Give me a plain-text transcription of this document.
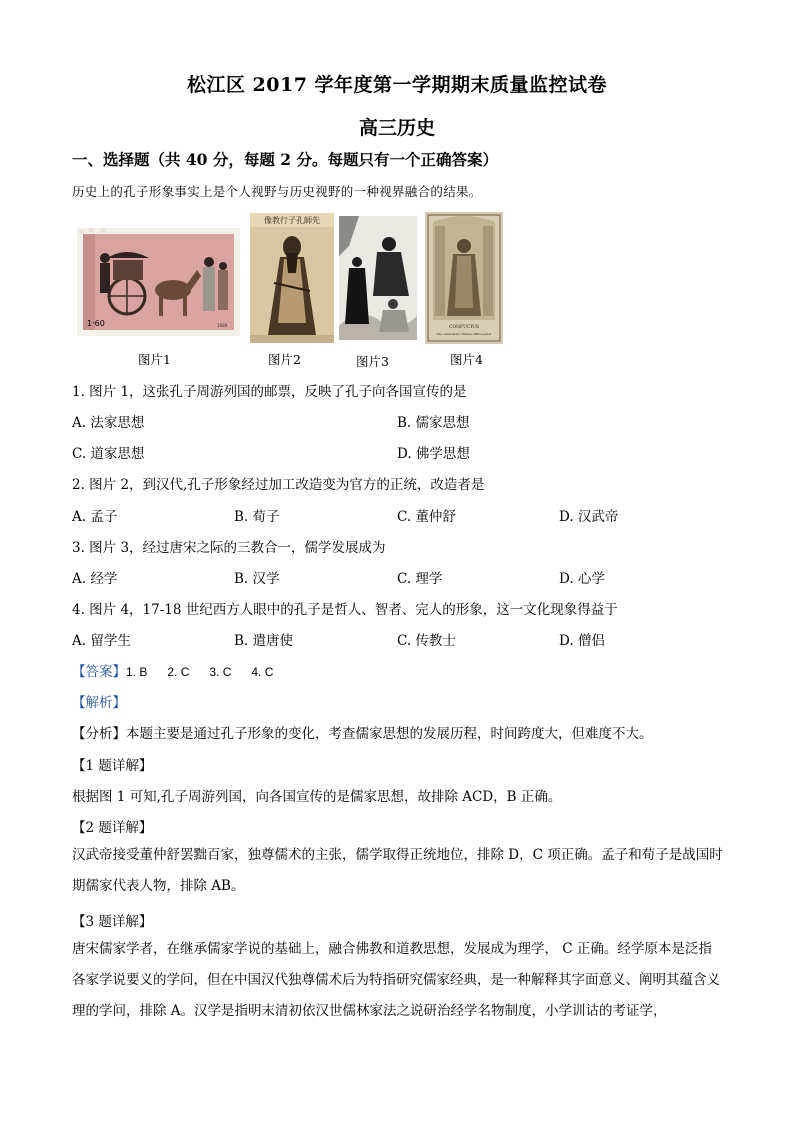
松江区 2017 学年度第一学期期末质量监控试卷
高三历史
一、选择题（共 40 分，每题 2 分。每题只有一个正确答案）
历史上的孔子形象事实上是个人视野与历史视野的一种视界融合的结果。
1·60	1989
图片1
像教行子孔師先
图片2	图片3
CONFUCIUS
The celebrated Chinese Philosopher
图片4
1. 图片 1，这张孔子周游列国的邮票，反映了孔子向各国宣传的是
A. 法家思想	B. 儒家思想
C. 道家思想	D. 佛学思想
2. 图片 2，到汉代,孔子形象经过加工改造变为官方的正统，改造者是
A. 孟子	B. 荀子	C. 董仲舒	D. 汉武帝
3. 图片 3，经过唐宋之际的三教合一，儒学发展成为
A. 经学	B. 汉学	C. 理学	D. 心学
4. 图片 4，17-18 世纪西方人眼中的孔子是哲人、智者、完人的形象，这一文化现象得益于
A. 留学生	B. 遣唐使	C. 传教士	D. 僧侣
【答案】1. B      2. C      3. C      4. C
【解析】
【分析】本题主要是通过孔子形象的变化，考查儒家思想的发展历程，时间跨度大，但难度不大。
【1 题详解】
根据图 1 可知,孔子周游列国，向各国宣传的是儒家思想，故排除 ACD，B 正确。
【2 题详解】
汉武帝接受董仲舒罢黜百家，独尊儒术的主张，儒学取得正统地位，排除 D，C 项正确。孟子和荀子是战国时期儒家代表人物，排除 AB。
【3 题详解】
唐宋儒家学者，在继承儒家学说的基础上，融合佛教和道教思想，发展成为理学， C 正确。经学原本是泛指各家学说要义的学问，但在中国汉代独尊儒术后为特指研究儒家经典，是一种解释其字面意义、阐明其蕴含义理的学问，排除 A。汉学是指明末清初依汉世儒林家法之说研治经学名物制度，小学训诂的考证学，
